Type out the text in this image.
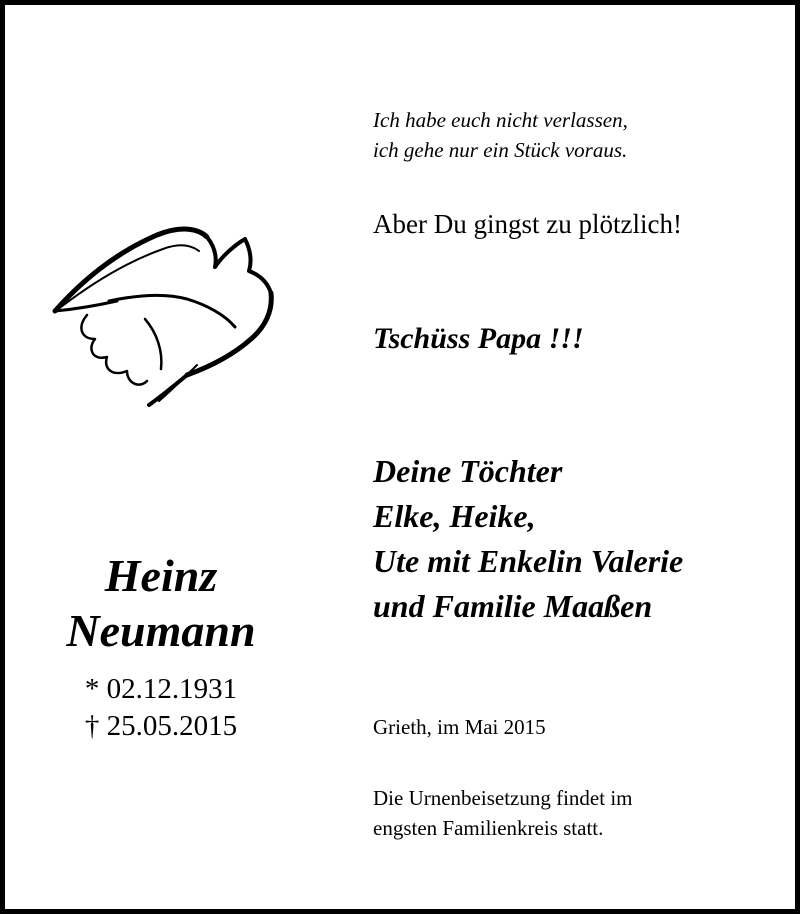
Ich habe euch nicht verlassen,
ich gehe nur ein Stück voraus.
Aber Du gingst zu plötzlich!
Tschüss Papa !!!
Deine Töchter
Elke, Heike,
Ute mit Enkelin Valerie
und Familie Maaßen
Grieth, im Mai 2015
Die Urnenbeisetzung findet im
engsten Familienkreis statt.
Heinz
Neumann
* 02.12.1931
† 25.05.2015
